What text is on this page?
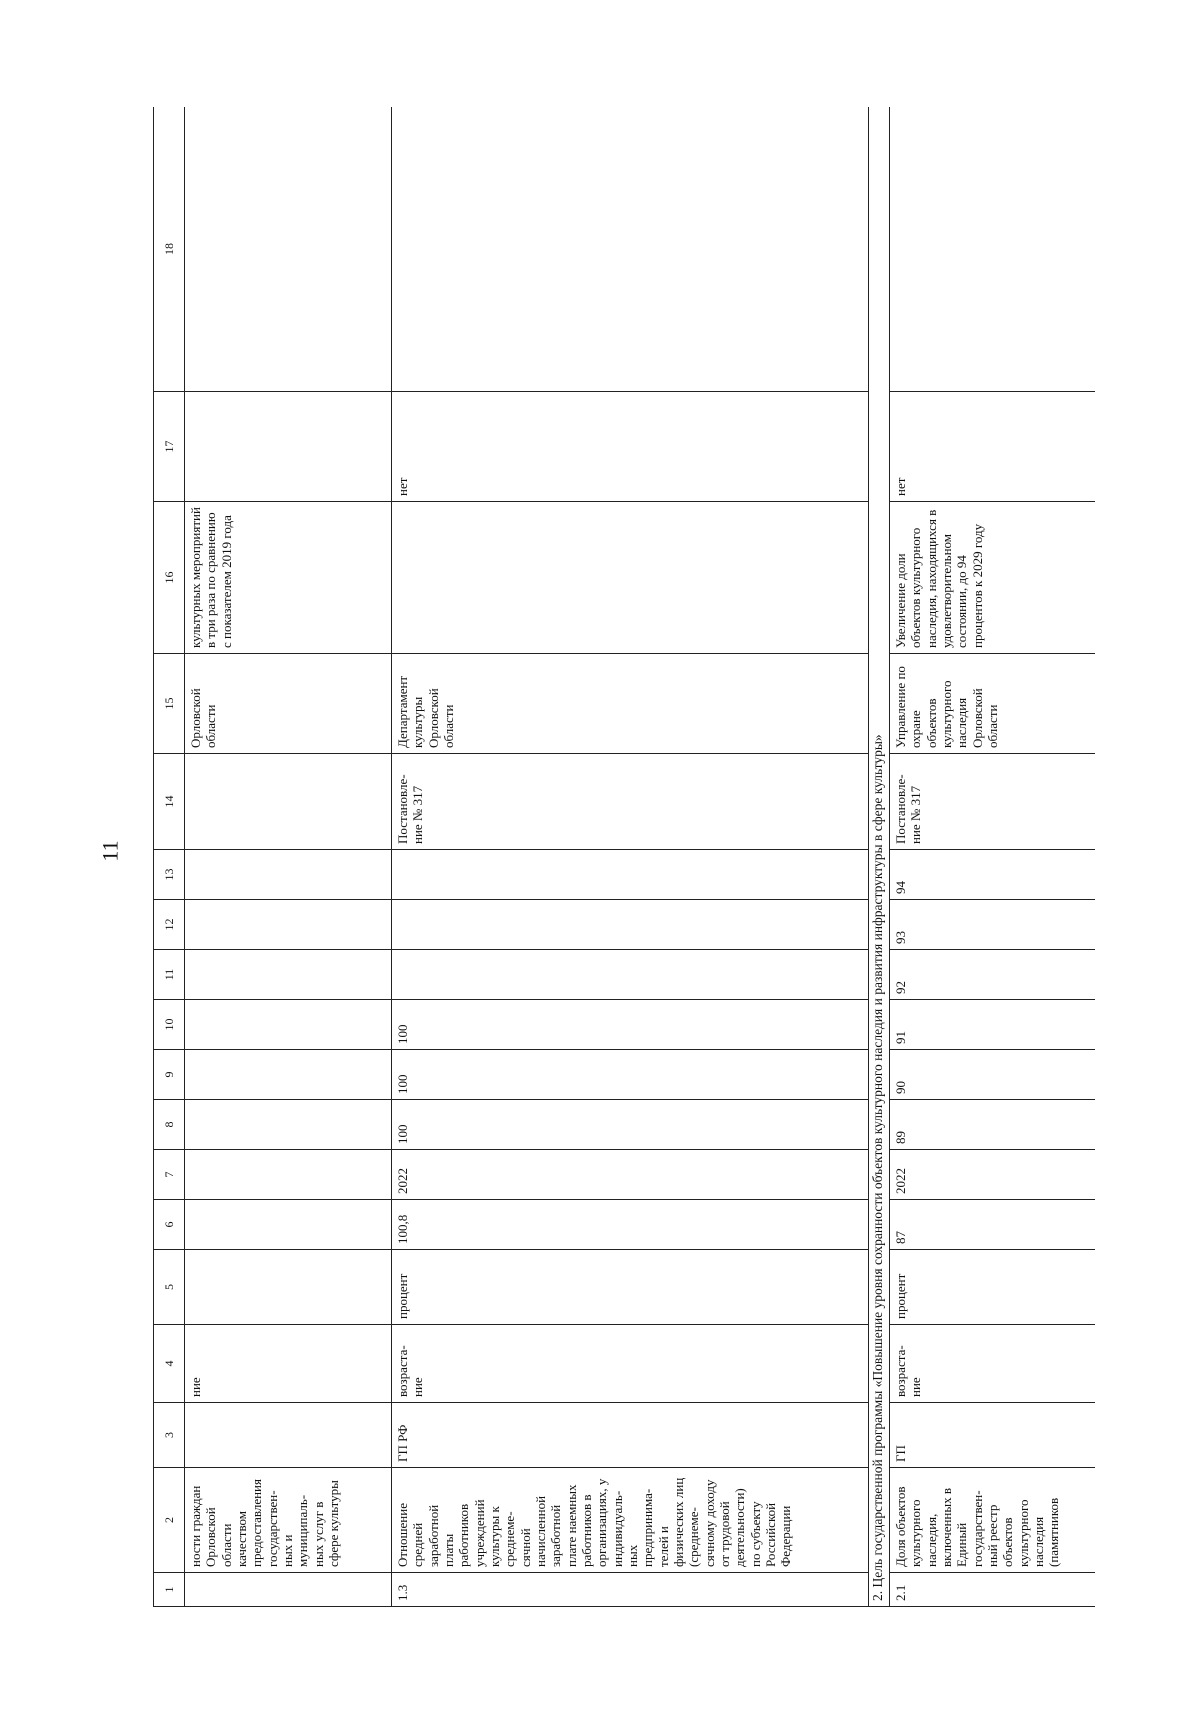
11
1	2	3	4	5	6	7	8	9	10	11	12	13	14	15	16	17	18
	ности граждан Орловской области качеством предоставления государствен-ных и муниципаль-ных услуг в сфере культуры		ние											Орловской области	культурных мероприятий в три раза по сравнению с показателем 2019 года		
1.3	Отношение средней заработной платы работников учреждений культуры к среднеме-сячной начисленной заработной плате наемных работников в организациях, у индивидуаль-ных предпринима-телей и физических лиц (среднеме-сячному доходу от трудовой деятельности) по субъекту Российской Федерации	ГП РФ	возраста-ние	процент	100,8	2022	100	100	100				Постановле-ние № 317	Департамент культуры Орловской области		нет	
2. Цель государственной программы «Повышение уровня сохранности объектов культурного наследия и развития инфраструктуры в сфере культуры»																	
2.1	Доля объектов культурного наследия, включенных в Единый государствен-ный реестр объектов культурного наследия (памятников	ГП	возраста-ние	процент	87	2022	89	90	91	92	93	94	Постановле-ние № 317	Управление по охране объектов культурного наследия Орловской области	Увеличение доли объектов культурного наследия, находящихся в удовлетворительном состоянии, до 94 процентов к 2029 году	нет	
